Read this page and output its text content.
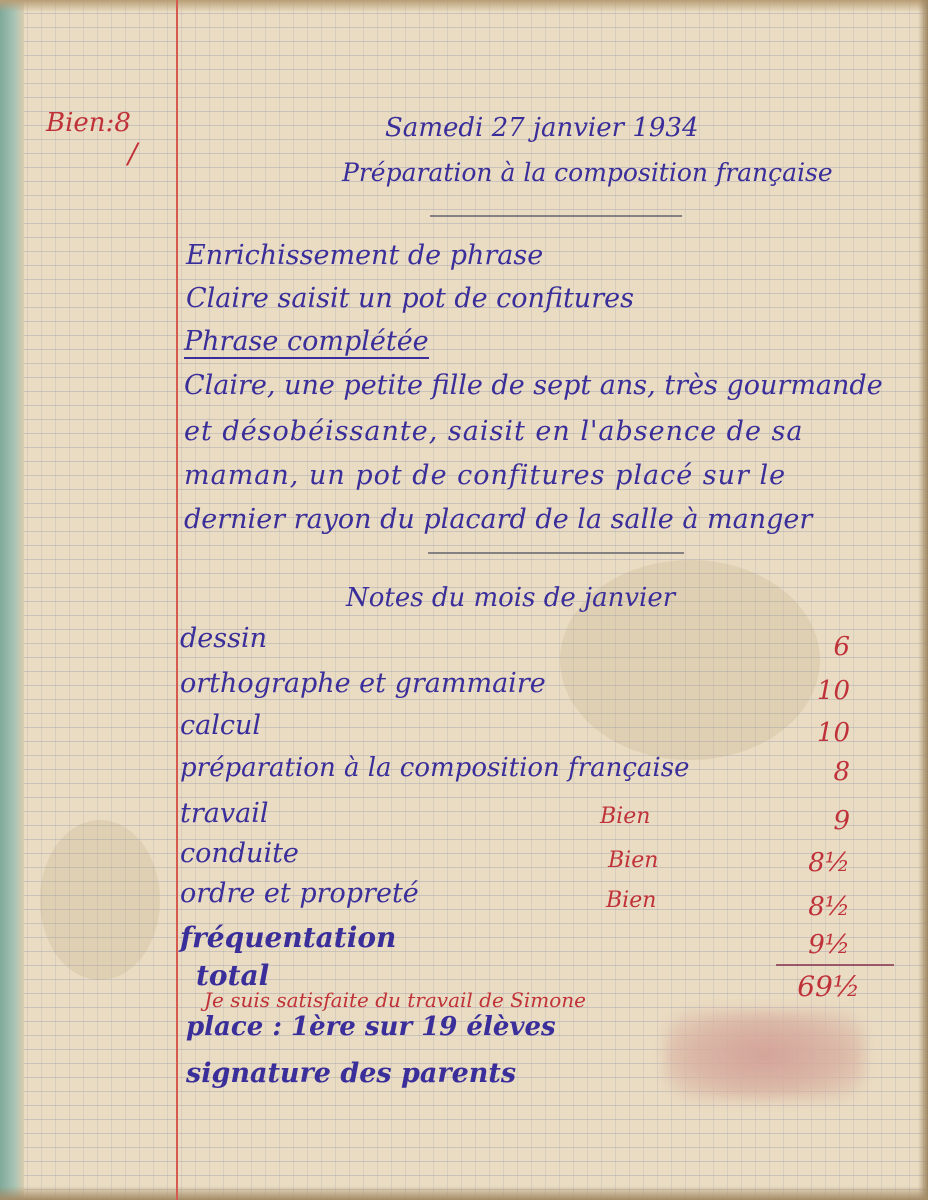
Bien:8
/
Samedi 27 janvier 1934
Préparation à la composition française
Enrichissement de phrase
Claire saisit un pot de confitures
Phrase complétée
Claire, une petite fille de sept ans, très gourmande
et désobéissante, saisit en l'absence de sa
maman, un pot de confitures placé sur le
dernier rayon du placard de la salle à manger
Notes du mois de janvier
dessin	6
orthographe et grammaire	10
calcul	10
préparation à la composition française	8
travail	Bien	9
conduite	Bien	8½
ordre et propreté	Bien	8½
fréquentation	9½
total	69½
Je suis satisfaite du travail de Simone
place : 1ère sur 19 élèves
signature des parents
